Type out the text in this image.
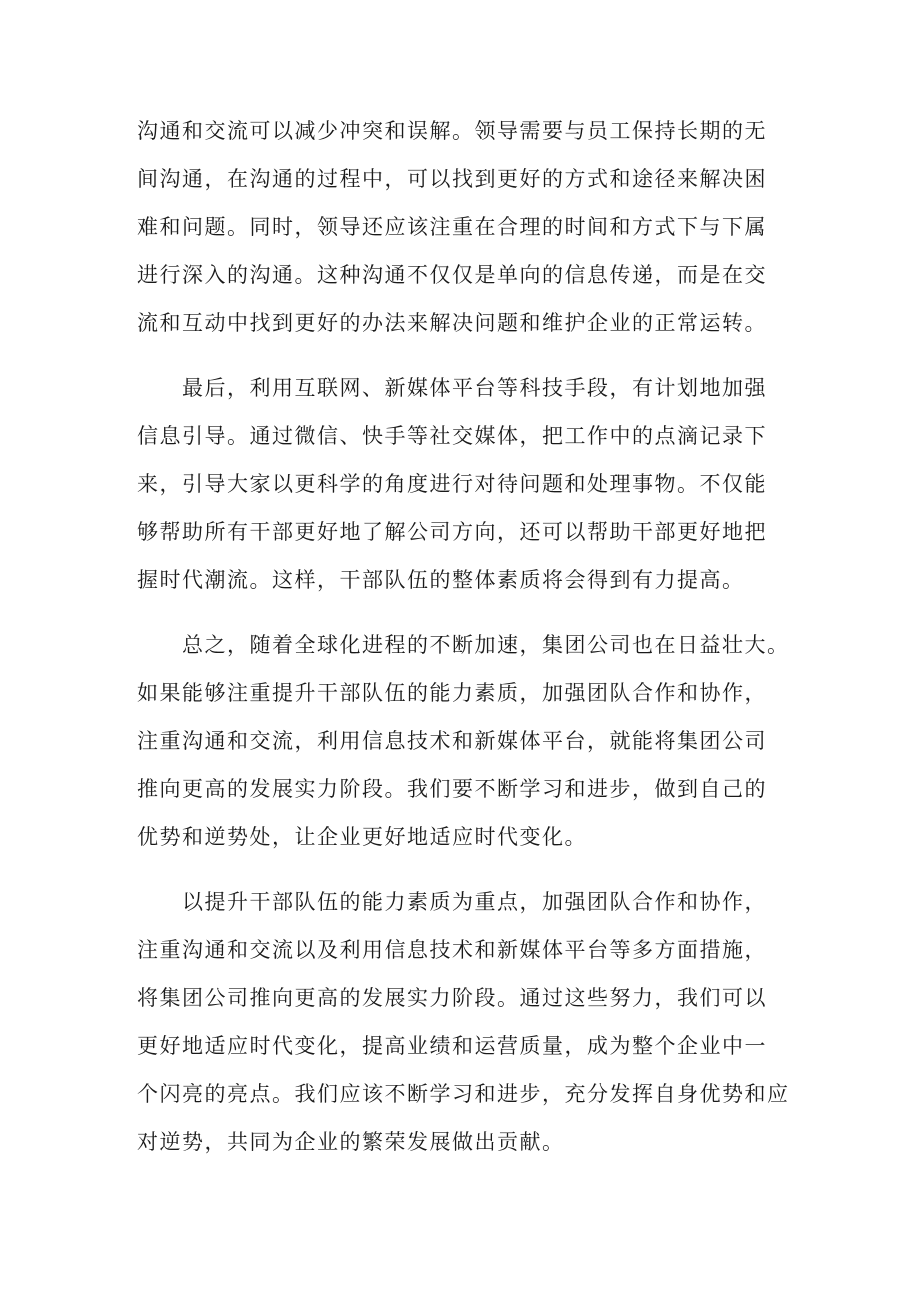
沟通和交流可以减少冲突和误解。领导需要与员工保持长期的无
间沟通，在沟通的过程中，可以找到更好的方式和途径来解决困
难和问题。同时，领导还应该注重在合理的时间和方式下与下属
进行深入的沟通。这种沟通不仅仅是单向的信息传递，而是在交
流和互动中找到更好的办法来解决问题和维护企业的正常运转。
　　最后，利用互联网、新媒体平台等科技手段，有计划地加强
信息引导。通过微信、快手等社交媒体，把工作中的点滴记录下
来，引导大家以更科学的角度进行对待问题和处理事物。不仅能
够帮助所有干部更好地了解公司方向，还可以帮助干部更好地把
握时代潮流。这样，干部队伍的整体素质将会得到有力提高。
　　总之，随着全球化进程的不断加速，集团公司也在日益壮大。
如果能够注重提升干部队伍的能力素质，加强团队合作和协作，
注重沟通和交流，利用信息技术和新媒体平台，就能将集团公司
推向更高的发展实力阶段。我们要不断学习和进步，做到自己的
优势和逆势处，让企业更好地适应时代变化。
　　以提升干部队伍的能力素质为重点，加强团队合作和协作，
注重沟通和交流以及利用信息技术和新媒体平台等多方面措施，
将集团公司推向更高的发展实力阶段。通过这些努力，我们可以
更好地适应时代变化，提高业绩和运营质量，成为整个企业中一
个闪亮的亮点。我们应该不断学习和进步，充分发挥自身优势和应
对逆势，共同为企业的繁荣发展做出贡献。
